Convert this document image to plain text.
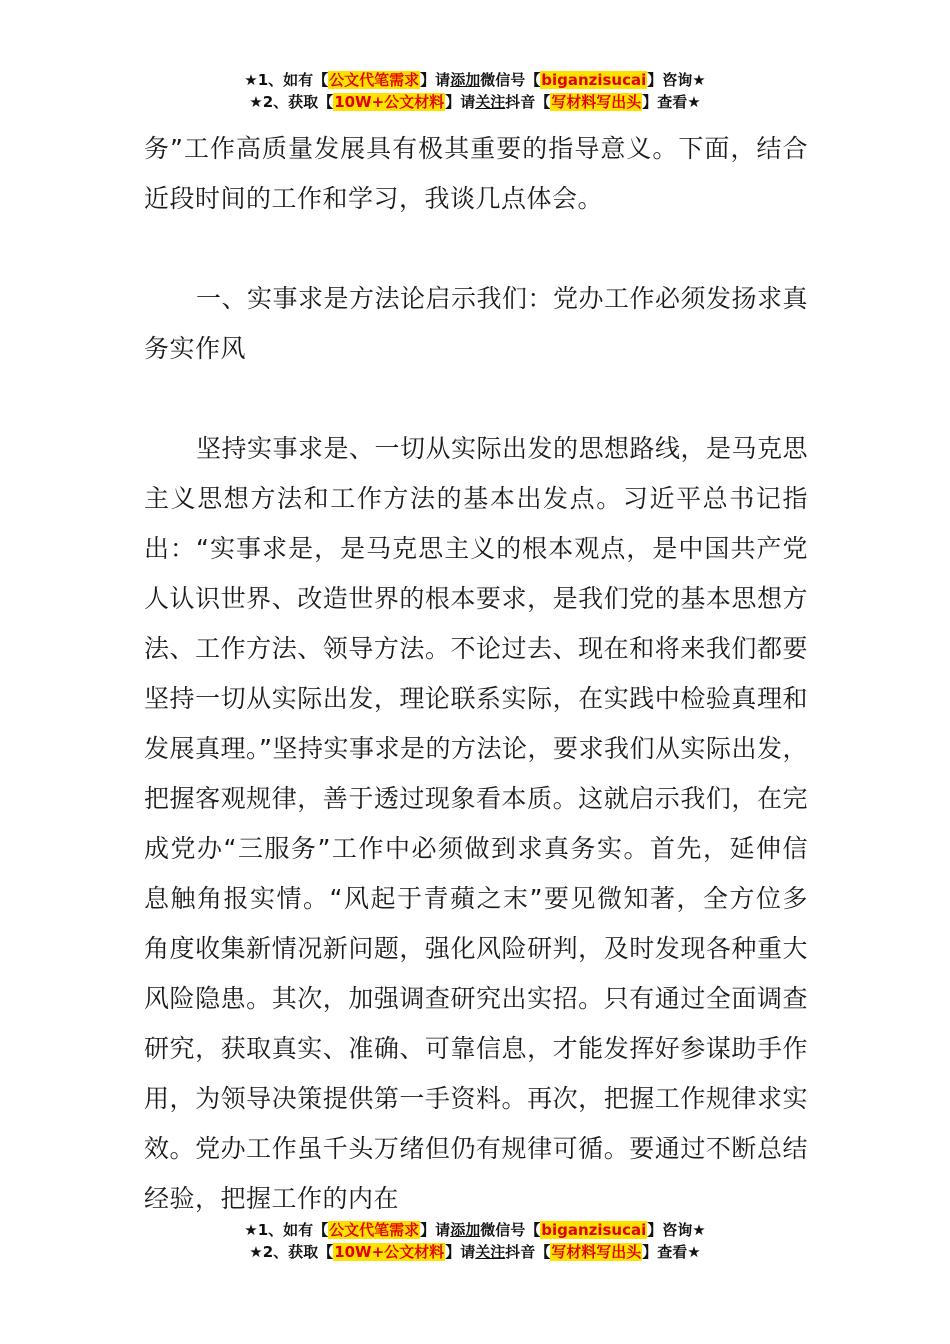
★1、如有【公文代笔需求】请添加微信号【biganzisucai】咨询★
★2、获取【10W+公文材料】请关注抖音【写材料写出头】查看★

务”工作高质量发展具有极其重要的指导意义。下面，结合近段时间的工作和学习，我谈几点体会。

一、实事求是方法论启示我们：党办工作必须发扬求真务实作风

坚持实事求是、一切从实际出发的思想路线，是马克思主义思想方法和工作方法的基本出发点。习近平总书记指出：“实事求是，是马克思主义的根本观点，是中国共产党人认识世界、改造世界的根本要求，是我们党的基本思想方法、工作方法、领导方法。不论过去、现在和将来我们都要坚持一切从实际出发，理论联系实际，在实践中检验真理和发展真理。”坚持实事求是的方法论，要求我们从实际出发，把握客观规律，善于透过现象看本质。这就启示我们，在完成党办“三服务”工作中必须做到求真务实。首先，延伸信息触角报实情。“风起于青蘋之末”要见微知著，全方位多角度收集新情况新问题，强化风险研判，及时发现各种重大风险隐患。其次，加强调查研究出实招。只有通过全面调查研究，获取真实、准确、可靠信息，才能发挥好参谋助手作用，为领导决策提供第一手资料。再次，把握工作规律求实效。党办工作虽千头万绪但仍有规律可循。要通过不断总结经验，把握工作的内在

★1、如有【公文代笔需求】请添加微信号【biganzisucai】咨询★
★2、获取【10W+公文材料】请关注抖音【写材料写出头】查看★
